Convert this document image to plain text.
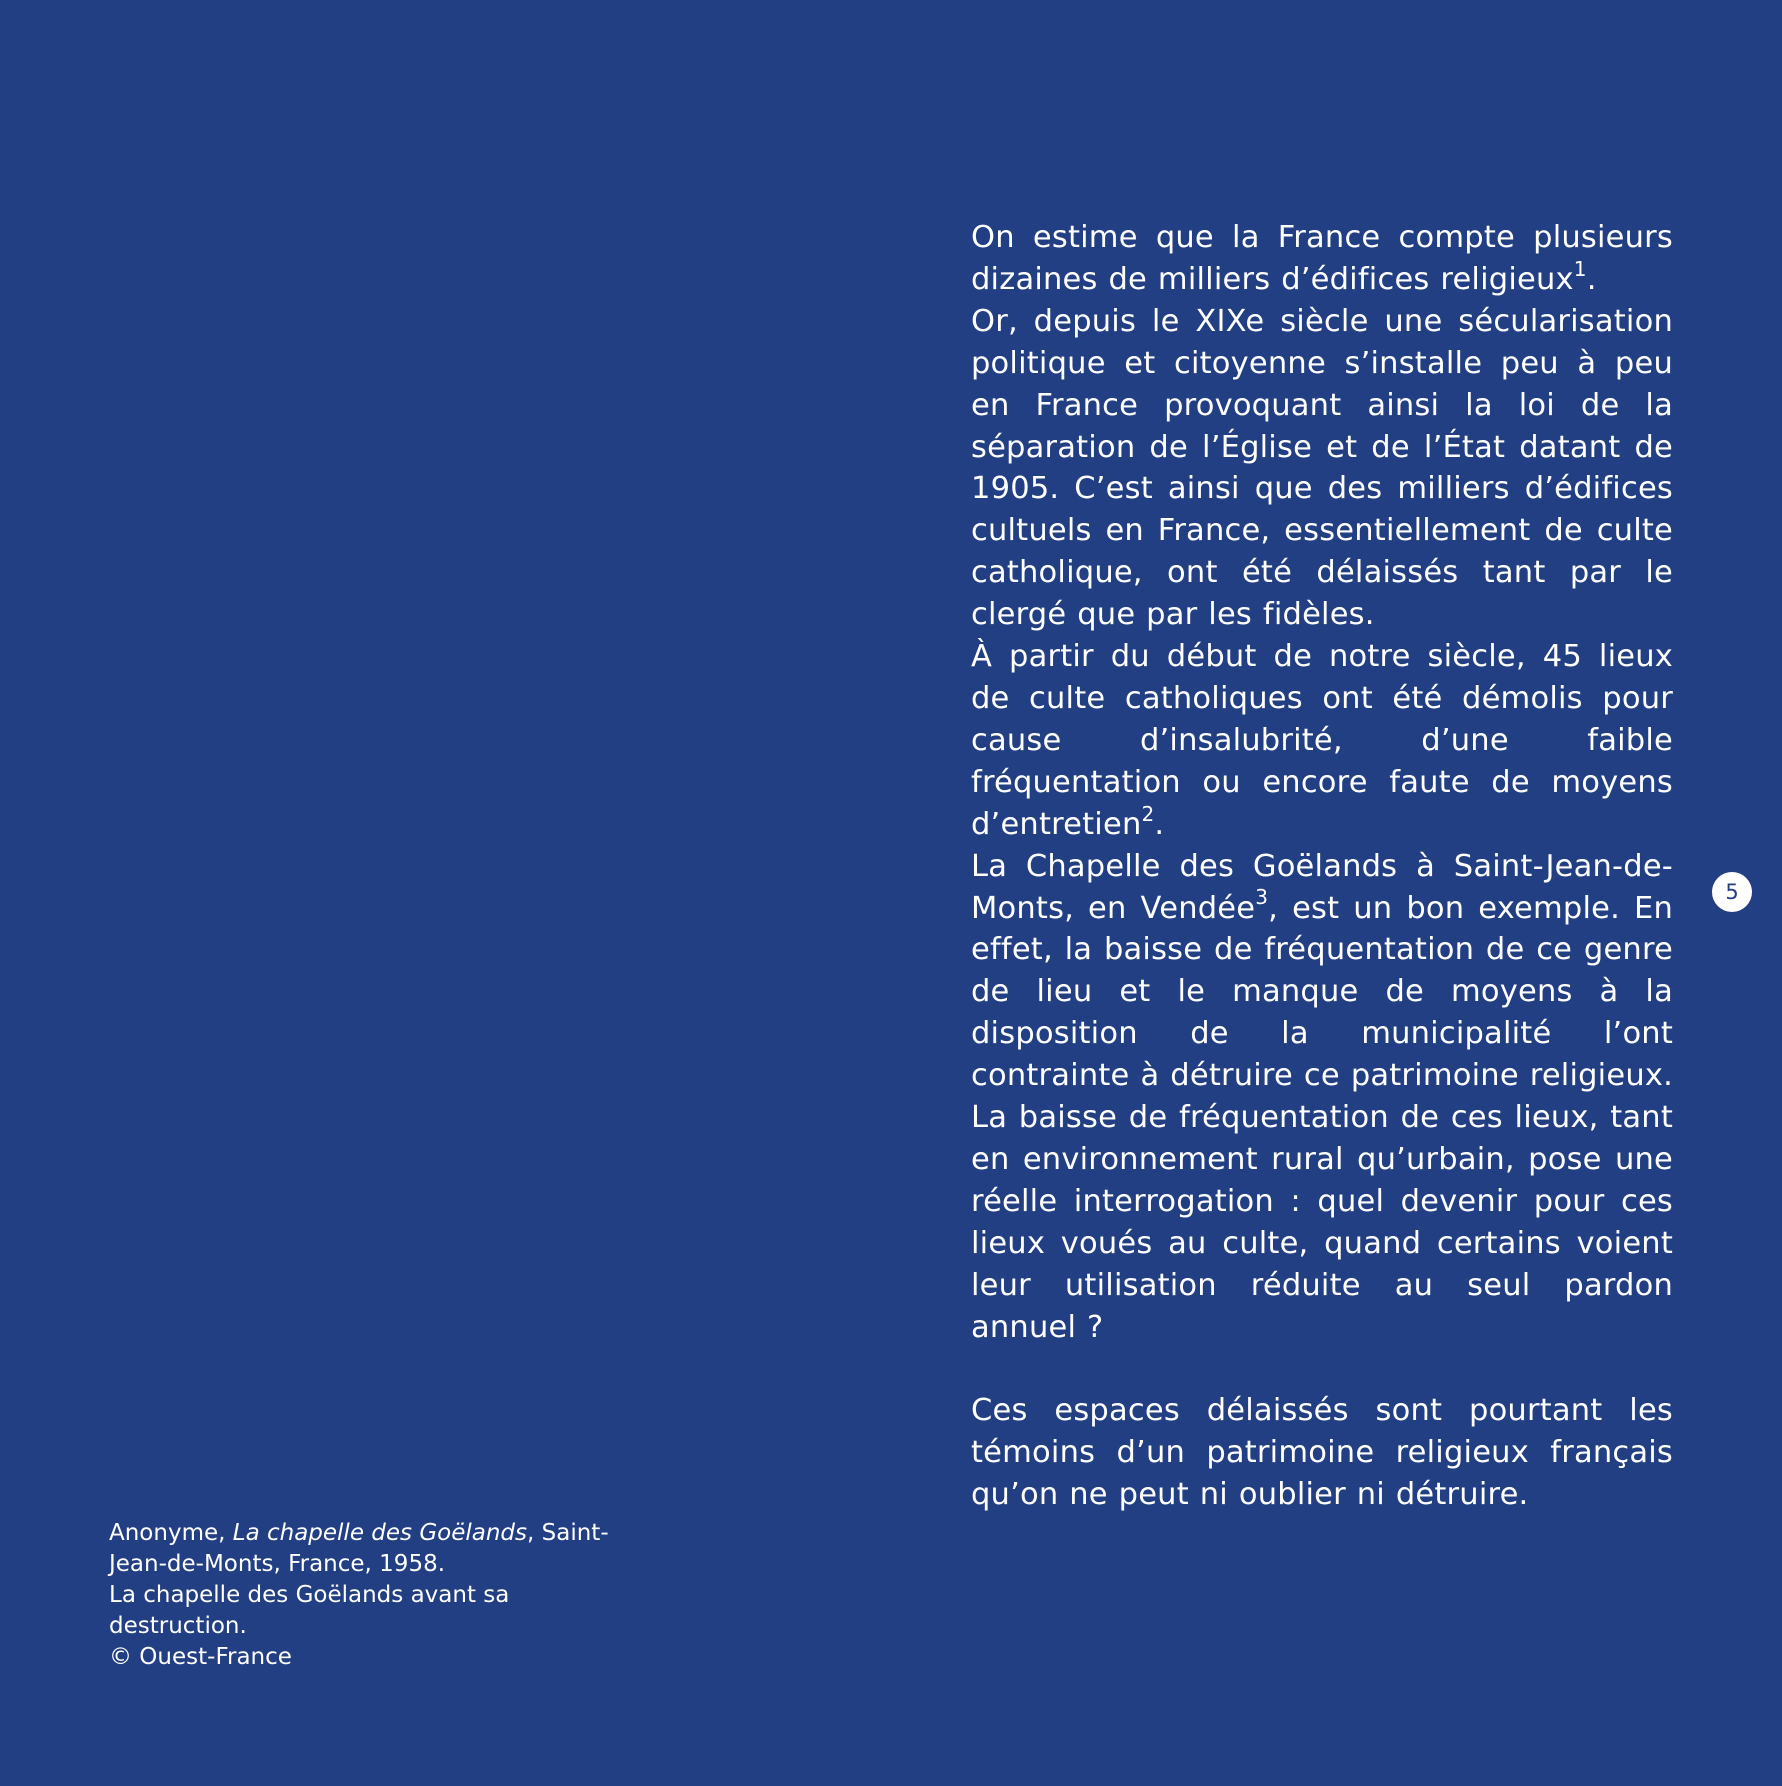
On estime que la France compte plusieurs dizaines de milliers d’édifices religieux$^1$.

Or, depuis le XIXe siècle une sécularisation politique et citoyenne s’installe peu à peu en France provoquant ainsi la loi de la séparation de l’Église et de l’État datant de 1905. C’est ainsi que des milliers d’édifices cultuels en France, essentiellement de culte catholique, ont été délaissés tant par le clergé que par les fidèles.

À partir du début de notre siècle, 45 lieux de culte catholiques ont été démolis pour cause d’insalubrité, d’une faible fréquentation ou encore faute de moyens d’entretien$^2$.

La Chapelle des Goëlands à Saint-Jean-de-Monts, en Vendée$^3$, est un bon exemple. En effet, la baisse de fréquentation de ce genre de lieu et le manque de moyens à la disposition de la municipalité l’ont contrainte à détruire ce patrimoine religieux. La baisse de fréquentation de ces lieux, tant en environnement rural qu’urbain, pose une réelle interrogation : quel devenir pour ces lieux voués au culte, quand certains voient leur utilisation réduite au seul pardon annuel ?

Ces espaces délaissés sont pourtant les témoins d’un patrimoine religieux français qu’on ne peut ni oublier ni détruire.

5
Anonyme, La chapelle des Goëlands, Saint-
Jean-de-Monts, France, 1958.
La chapelle des Goëlands avant sa
destruction.
© Ouest-France
